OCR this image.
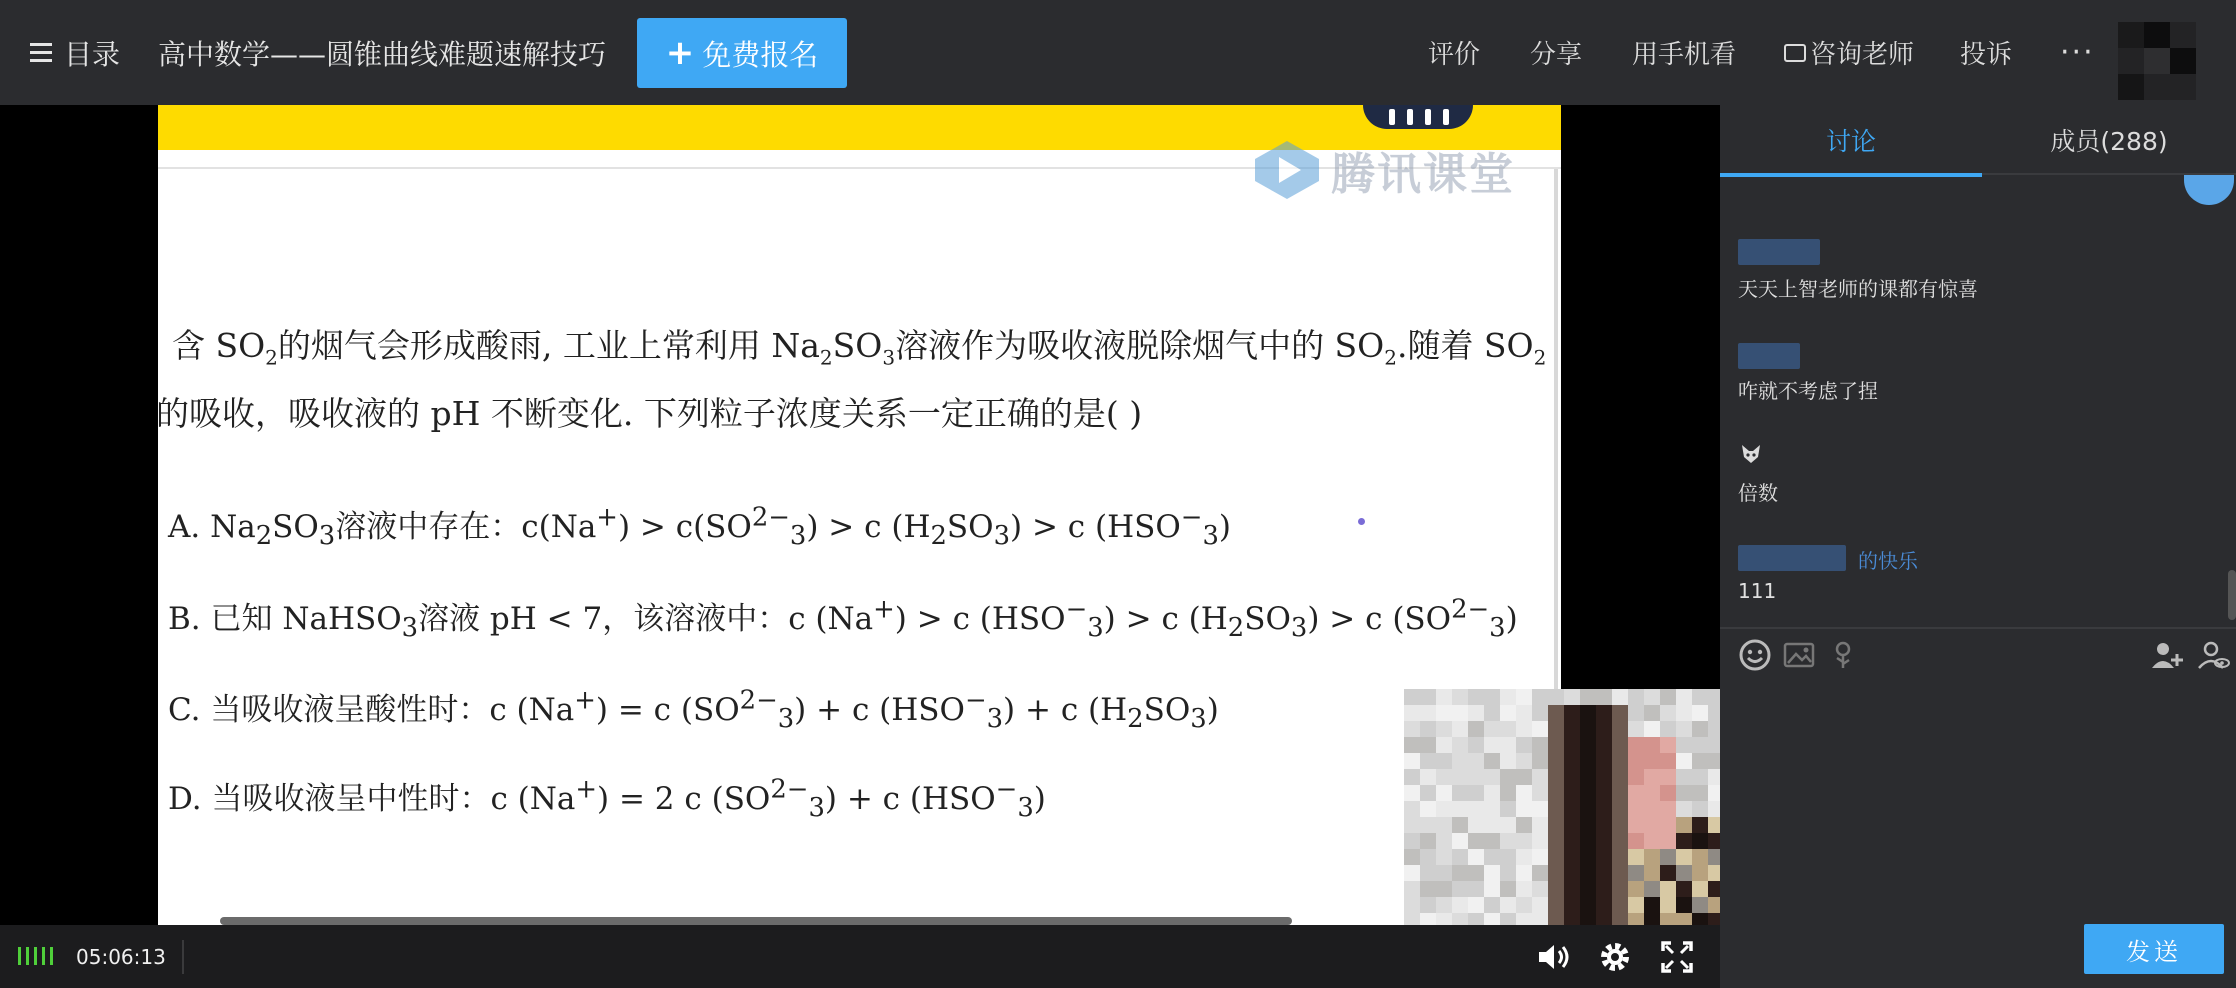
目录 高中数学——圆锥曲线难题速解技巧 + 免费报名	评价 分享 用手机看	咨询老师 投诉 ···
腾讯课堂
含 $SO_2$的烟气会形成酸雨, 工业上常利用 $Na_2SO_3$溶液作为吸收液脱除烟气中的 $SO_2$.随着 $SO_2$
的吸收，吸收液的 pH 不断变化. 下列粒子浓度关系一定正确的是( )
A. $Na_2SO_3$溶液中存在：$c(Na^+) > c(SO^{2-}_3) > c$ $(H_2SO_3) > c$ $(HSO^-_3)$
B. 已知 NaHSO$_3$溶液 pH < 7，该溶液中：c (Na+) > c $(HSO^-_3) > c$ $(H_2SO_3) > c$ $(SO^{2-}_3)$
C. 当吸收液呈酸性时：c (Na+) = c $(SO^{2-}_3) + c$ $(HSO^-_3) + c$ $(H_2SO_3)$
D. 当吸收液呈中性时：c (Na+) = 2 c $(SO^{2-}_3) + c$ $(HSO^-_3)$
05:06:13
讨论	成员(288)
天天上智老师的课都有惊喜
咋就不考虑了捏
倍数
的快乐
111
发送
